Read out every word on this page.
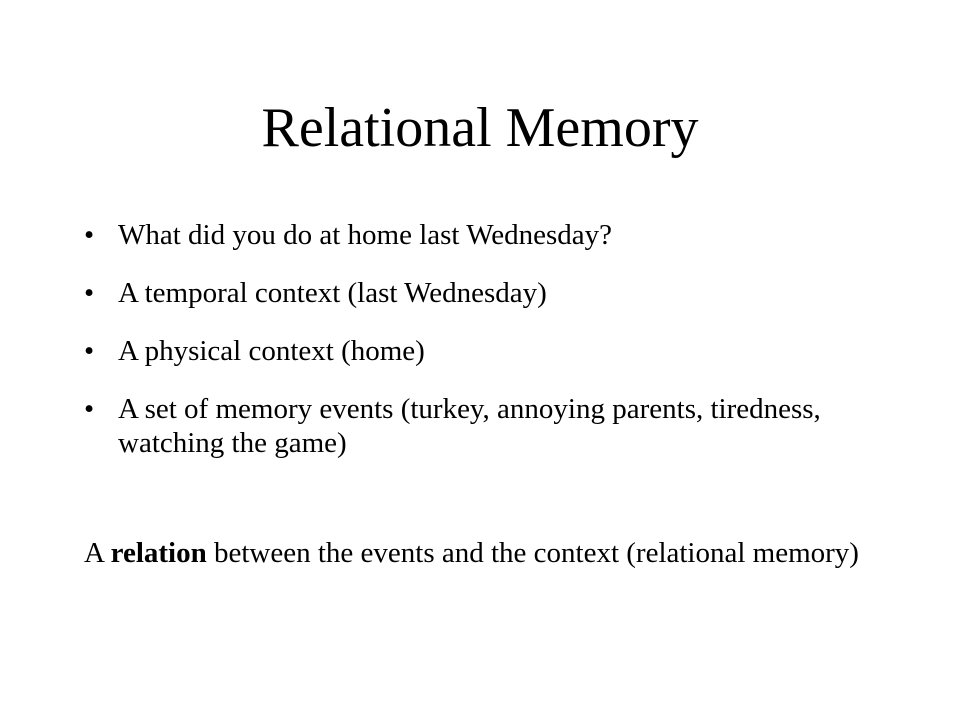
Relational Memory
• What did you do at home last Wednesday?
• A temporal context (last Wednesday)
• A physical context (home)
• A set of memory events (turkey, annoying parents, tiredness, watching the game)

A relation between the events and the context (relational memory)
